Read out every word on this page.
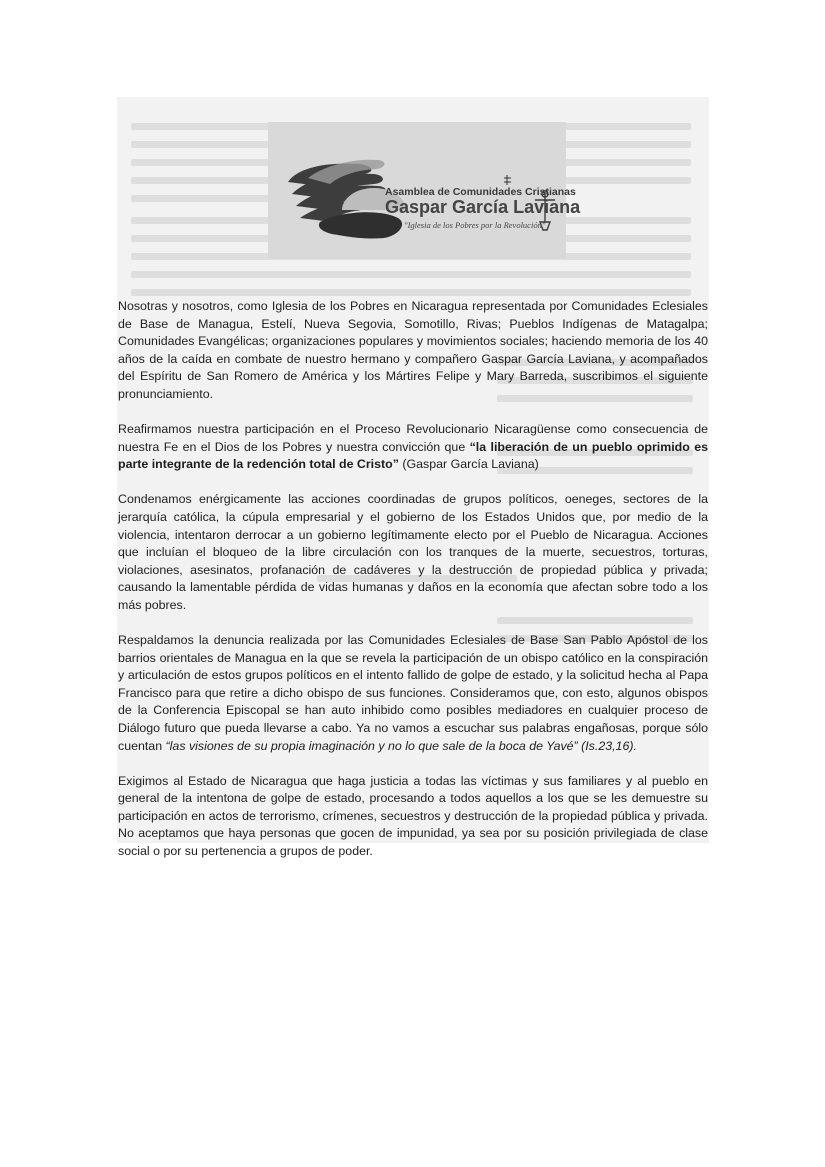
Asamblea de Comunidades Cristianas
Gaspar García Laviana
"Iglesia de los Pobres por la Revolución"

Nosotras y nosotros, como Iglesia de los Pobres en Nicaragua representada por Comunidades Eclesiales de Base de Managua, Estelí, Nueva Segovia, Somotillo, Rivas; Pueblos Indígenas de Matagalpa; Comunidades Evangélicas; organizaciones populares y movimientos sociales; haciendo memoria de los 40 años de la caída en combate de nuestro hermano y compañero Gaspar García Laviana, y acompañados del Espíritu de San Romero de América y los Mártires Felipe y Mary Barreda, suscribimos el siguiente pronunciamiento.

Reafirmamos nuestra participación en el Proceso Revolucionario Nicaragüense como consecuencia de nuestra Fe en el Dios de los Pobres y nuestra convicción que “la liberación de un pueblo oprimido es parte integrante de la redención total de Cristo” (Gaspar García Laviana)

Condenamos enérgicamente las acciones coordinadas de grupos políticos, oeneges, sectores de la jerarquía católica, la cúpula empresarial y el gobierno de los Estados Unidos que, por medio de la violencia, intentaron derrocar a un gobierno legítimamente electo por el Pueblo de Nicaragua. Acciones que incluían el bloqueo de la libre circulación con los tranques de la muerte, secuestros, torturas, violaciones, asesinatos, profanación de cadáveres y la destrucción de propiedad pública y privada; causando la lamentable pérdida de vidas humanas y daños en la economía que afectan sobre todo a los más pobres.

Respaldamos la denuncia realizada por las Comunidades Eclesiales de Base San Pablo Apóstol de los barrios orientales de Managua en la que se revela la participación de un obispo católico en la conspiración y articulación de estos grupos políticos en el intento fallido de golpe de estado, y la solicitud hecha al Papa Francisco para que retire a dicho obispo de sus funciones. Consideramos que, con esto, algunos obispos de la Conferencia Episcopal se han auto inhibido como posibles mediadores en cualquier proceso de Diálogo futuro que pueda llevarse a cabo. Ya no vamos a escuchar sus palabras engañosas, porque sólo cuentan “las visiones de su propia imaginación y no lo que sale de la boca de Yavé” (Is.23,16).

Exigimos al Estado de Nicaragua que haga justicia a todas las víctimas y sus familiares y al pueblo en general de la intentona de golpe de estado, procesando a todos aquellos a los que se les demuestre su participación en actos de terrorismo, crímenes, secuestros y destrucción de la propiedad pública y privada. No aceptamos que haya personas que gocen de impunidad, ya sea por su posición privilegiada de clase social o por su pertenencia a grupos de poder.
